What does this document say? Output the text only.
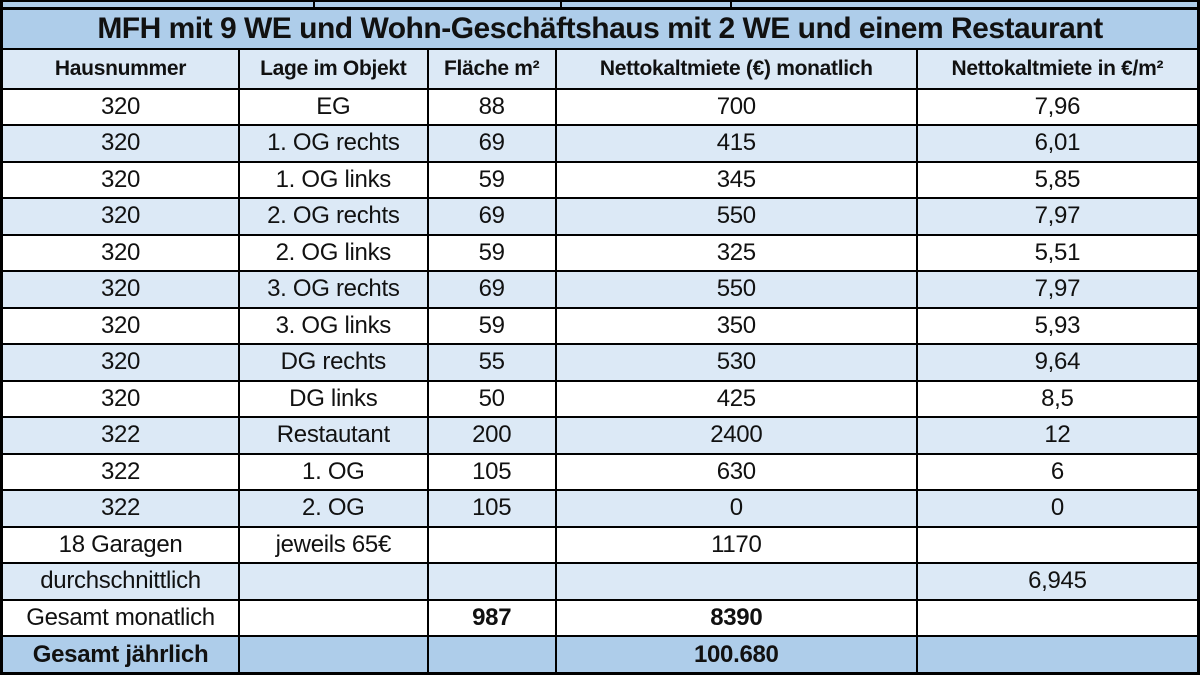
MFH mit 9 WE und Wohn-Geschäftshaus mit 2 WE und einem Restaurant				
Hausnummer	Lage im Objekt	Fläche m²	Nettokaltmiete (€) monatlich	Nettokaltmiete in €/m²
320	EG	88	700	7,96
320	1. OG rechts	69	415	6,01
320	1. OG links	59	345	5,85
320	2. OG rechts	69	550	7,97
320	2. OG links	59	325	5,51
320	3. OG rechts	69	550	7,97
320	3. OG links	59	350	5,93
320	DG rechts	55	530	9,64
320	DG links	50	425	8,5
322	Restautant	200	2400	12
322	1. OG	105	630	6
322	2. OG	105	0	0
18 Garagen	jeweils 65€		1170	
durchschnittlich				6,945
Gesamt monatlich		987	8390	
Gesamt jährlich			100.680	
